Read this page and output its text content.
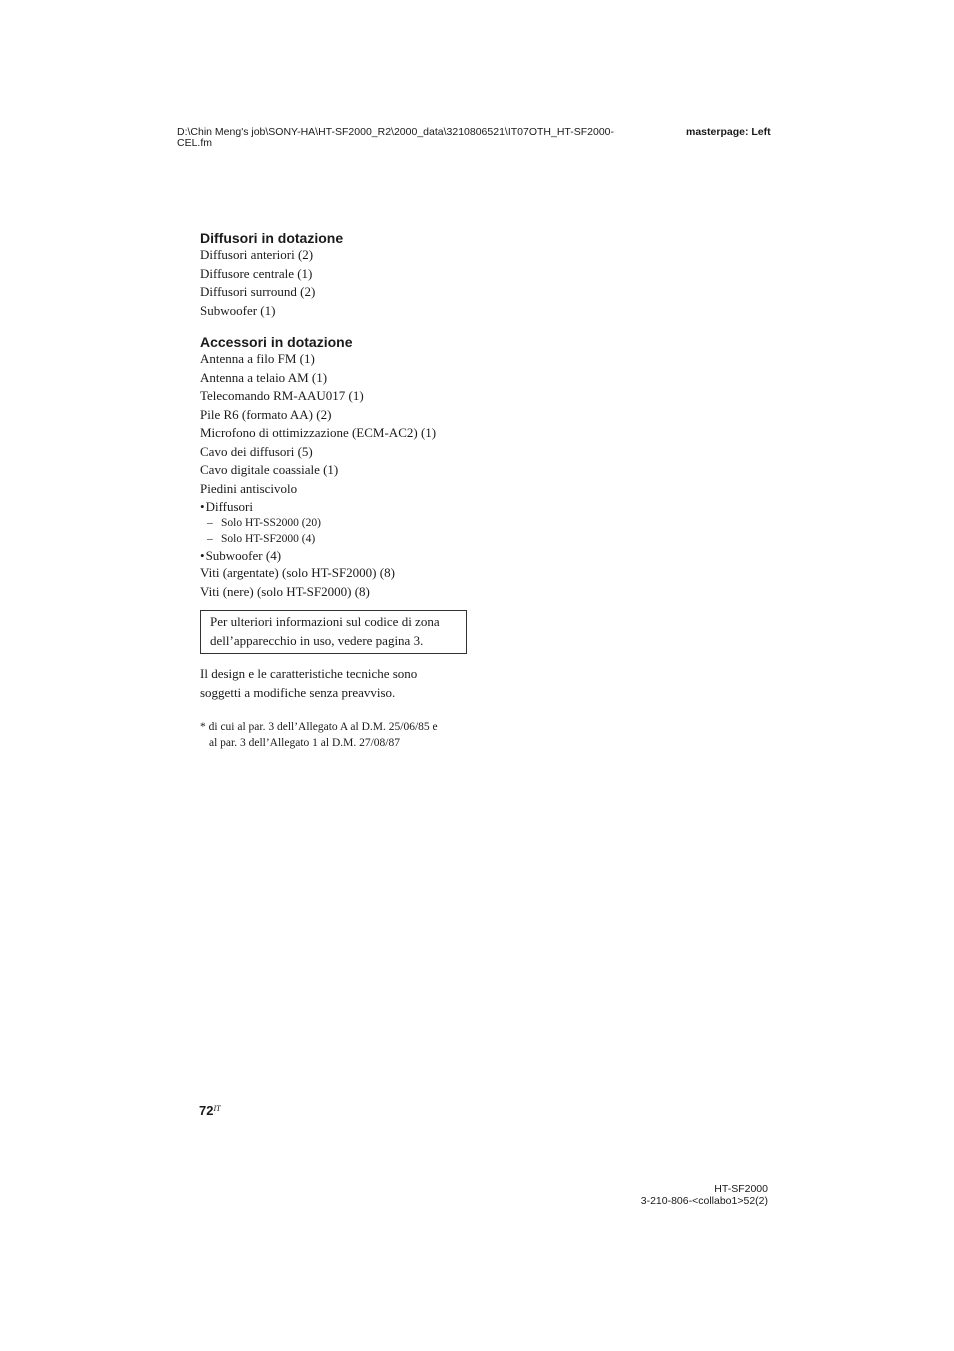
D:\Chin Meng's job\SONY-HA\HT-SF2000_R2\2000_data\3210806521\IT07OTH_HT-SF2000-
CEL.fm
masterpage: Left
Diffusori in dotazione
Diffusori anteriori (2)
Diffusore centrale (1)
Diffusori surround (2)
Subwoofer (1)
Accessori in dotazione
Antenna a filo FM (1)
Antenna a telaio AM (1)
Telecomando RM-AAU017 (1)
Pile R6 (formato AA) (2)
Microfono di ottimizzazione (ECM-AC2) (1)
Cavo dei diffusori (5)
Cavo digitale coassiale (1)
Piedini antiscivolo
•Diffusori
– Solo HT-SS2000 (20)
– Solo HT-SF2000 (4)
•Subwoofer (4)
Viti (argentate) (solo HT-SF2000) (8)
Viti (nere) (solo HT-SF2000) (8)
Per ulteriori informazioni sul codice di zona
dell’apparecchio in uso, vedere pagina 3.
Il design e le caratteristiche tecniche sono
soggetti a modifiche senza preavviso.
* di cui al par. 3 dell’Allegato A al D.M. 25/06/85 e
al par. 3 dell’Allegato 1 al D.M. 27/08/87
$72^{IT}$
HT-SF2000
3-210-806-<collabo1>52(2)
